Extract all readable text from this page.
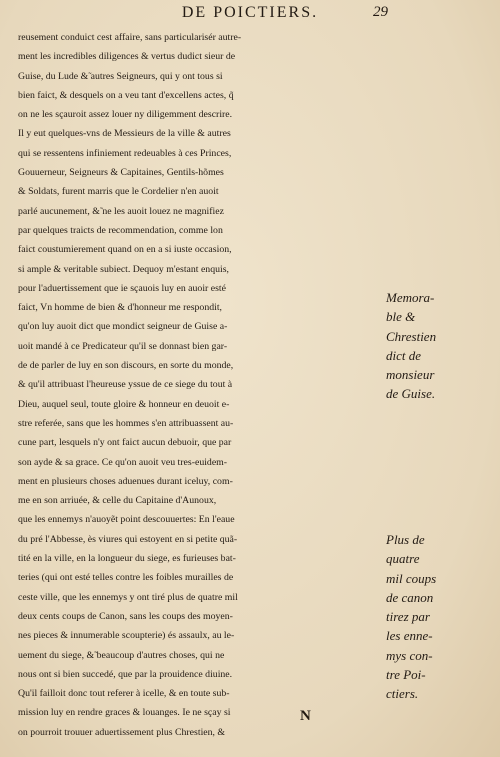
DE POICTIERS.	29
reusement conduict cest affaire, sans particularisér autre-
ment les incredibles diligences & vertus dudict sieur de
Guise, du Lude &̃ autres Seigneurs, qui y ont tous si
bien faict, & desquels on a veu tant d'excellens actes, q̃
on ne les sçauroit assez louer ny diligemment descrire.
Il y eut quelques-vns de Messieurs de la ville & autres
qui se ressentens infiniement redeuables à ces Princes,
Gouuerneur, Seigneurs & Capitaines, Gentils-hõmes
& Soldats, furent marris que le Cordelier n'en auoit
parlé aucunement, &̃ ne les auoit louez ne magnifiez
par quelques traicts de recommendation, comme lon
faict coustumierement quand on en a si iuste occasion,
si ample & veritable subiect. Dequoy m'estant enquis,
pour l'aduertissement que ie sçauois luy en auoir esté
faict, Vn homme de bien & d'honneur me respondit,
qu'on luy auoit dict que mondict seigneur de Guise a-
uoit mandé à ce Predicateur qu'il se donnast bien gar-
de de parler de luy en son discours, en sorte du monde,
& qu'il attribuast l'heureuse yssue de ce siege du tout à
Dieu, auquel seul, toute gloire & honneur en deuoit e-
stre referée, sans que les hommes s'en attribuassent au-
cune part, lesquels n'y ont faict aucun debuoir, que par
son ayde & sa grace. Ce qu'on auoit veu tres-euidem-
ment en plusieurs choses aduenues durant iceluy, com-
me en son arriuée, & celle du Capitaine d'Aunoux,
que les ennemys n'auoyẽt point descouuertes: En l'eaue
du pré l'Abbesse, ès viures qui estoyent en si petite quã-
tité en la ville, en la longueur du siege, es furieuses bat-
teries (qui ont esté telles contre les foibles murailles de
ceste ville, que les ennemys y ont tiré plus de quatre mil
deux cents coups de Canon, sans les coups des moyen-
nes pieces & innumerable scoupterie) és assaulx, au le-
uement du siege, &̃ beaucoup d'autres choses, qui ne
nous ont si bien succedé, que par la prouidence diuine.
Qu'il failloit donc tout referer à icelle, & en toute sub-
mission luy en rendre graces & louanges. Ie ne sçay si
on pourroit trouuer aduertissement plus Chrestien, &
Memora-
ble &
Chrestien
dict de
monsieur
de Guise.
Plus de
quatre
mil coups
de canon
tirez par
les enne-
mys con-
tre Poi-
ctiers.
N
